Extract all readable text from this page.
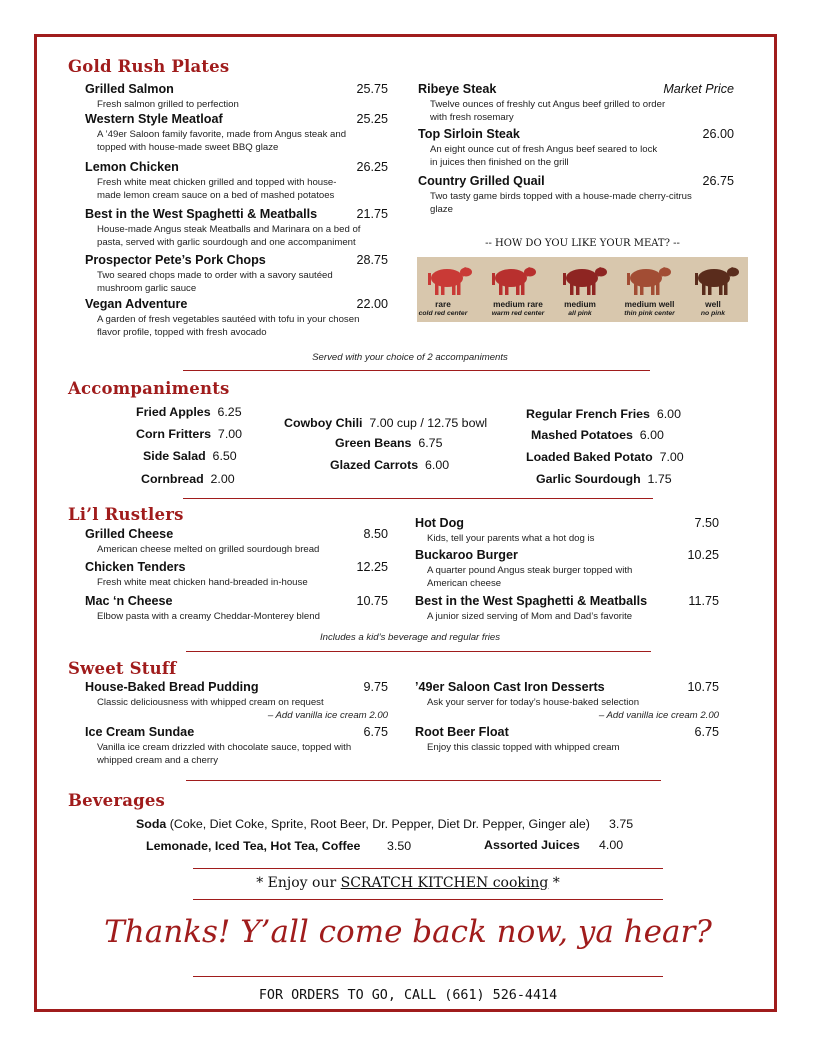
Gold Rush Plates
-- HOW DO YOU LIKE YOUR MEAT? --
rare
cold red center
medium rare
warm red center
medium
all pink
medium well
thin pink center
well
no pink
Served with your choice of 2 accompaniments
Accompaniments
Li’l Rustlers
Includes a kid’s beverage and regular fries
Sweet Stuff
Beverages
Soda (Coke, Diet Coke, Sprite, Root Beer, Dr. Pepper, Diet Dr. Pepper, Ginger ale) 3.75
Lemonade, Iced Tea, Hot Tea, Coffee 3.50	Assorted Juices 4.00
* Enjoy our SCRATCH KITCHEN cooking *
Thanks! Y’all come back now, ya hear?
FOR ORDERS TO GO, CALL (661) 526-4414
Grilled Salmon	25.75
Fresh salmon grilled to perfection
Western Style Meatloaf	25.25
A ’49er Saloon family favorite, made from Angus steak and
topped with house-made sweet BBQ glaze
Lemon Chicken	26.25
Fresh white meat chicken grilled and topped with house-
made lemon cream sauce on a bed of mashed potatoes
Best in the West Spaghetti & Meatballs	21.75
House-made Angus steak Meatballs and Marinara on a bed of
pasta, served with garlic sourdough and one accompaniment
Prospector Pete’s Pork Chops	28.75
Two seared chops made to order with a savory sautéed
mushroom garlic sauce
Vegan Adventure	22.00
A garden of fresh vegetables sautéed with tofu in your chosen
flavor profile, topped with fresh avocado
Ribeye Steak	Market Price
Twelve ounces of freshly cut Angus beef grilled to order
with fresh rosemary
Top Sirloin Steak	26.00
An eight ounce cut of fresh Angus beef seared to lock
in juices then finished on the grill
Country Grilled Quail	26.75
Two tasty game birds topped with a house-made cherry-citrus
glaze
Grilled Cheese	8.50
American cheese melted on grilled sourdough bread
Chicken Tenders	12.25
Fresh white meat chicken hand-breaded in-house
Mac ‘n Cheese	10.75
Elbow pasta with a creamy Cheddar-Monterey blend
Hot Dog	7.50
Kids, tell your parents what a hot dog is
Buckaroo Burger	10.25
A quarter pound Angus steak burger topped with
American cheese
Best in the West Spaghetti & Meatballs	11.75
A junior sized serving of Mom and Dad’s favorite
House-Baked Bread Pudding	9.75
Classic deliciousness with whipped cream on request
– Add vanilla ice cream 2.00
Ice Cream Sundae	6.75
Vanilla ice cream drizzled with chocolate sauce, topped with
whipped cream and a cherry
’49er Saloon Cast Iron Desserts	10.75
Ask your server for today’s house-baked selection
– Add vanilla ice cream 2.00
Root Beer Float	6.75
Enjoy this classic topped with whipped cream
Fried Apples  6.25
Corn Fritters  7.00
Side Salad  6.50
Cornbread  2.00
Cowboy Chili  7.00 cup / 12.75 bowl
Green Beans  6.75
Glazed Carrots  6.00
Regular French Fries  6.00
Mashed Potatoes  6.00
Loaded Baked Potato  7.00
Garlic Sourdough  1.75
